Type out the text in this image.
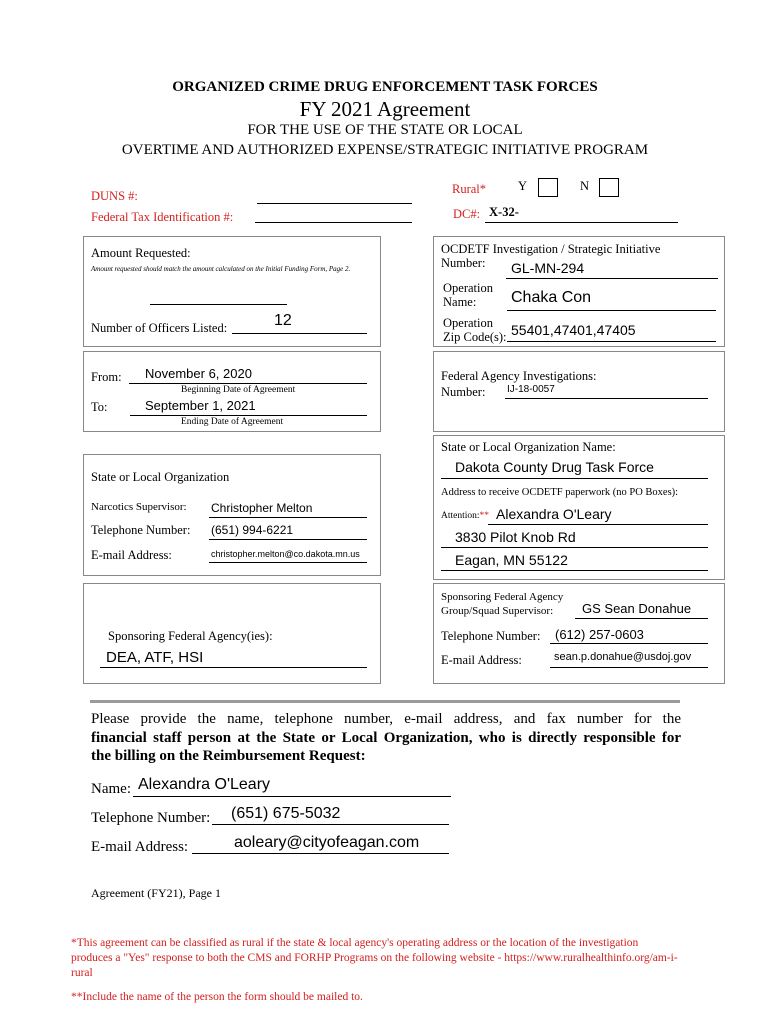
ORGANIZED CRIME DRUG ENFORCEMENT TASK FORCES
FY 2021 Agreement
FOR THE USE OF THE STATE OR LOCAL
OVERTIME AND AUTHORIZED EXPENSE/STRATEGIC INITIATIVE PROGRAM
DUNS #:
Federal Tax Identification #:
Rural*	Y	N
DC#: X-32-
Amount Requested:
Amount requested should match the amount calculated on the Initial Funding Form, Page 2.
Number of Officers Listed:	12
OCDETF Investigation / Strategic Initiative
Number: GL-MN-294
Operation
Name: Chaka Con
Operation
Zip Code(s): 55401,47401,47405
From: November 6, 2020
Beginning Date of Agreement
To:	September 1, 2021
Ending Date of Agreement
Federal Agency Investigations:
Number: IJ-18-0057
State or Local Organization Name:
Dakota County Drug Task Force
Address to receive OCDETF paperwork (no PO Boxes):
Attention:** Alexandra O'Leary
3830 Pilot Knob Rd
Eagan, MN 55122
State or Local Organization
Narcotics Supervisor: Christopher Melton
Telephone Number: (651) 994-6221
E-mail Address:	christopher.melton@co.dakota.mn.us
Sponsoring Federal Agency(ies):
DEA, ATF, HSI
Sponsoring Federal Agency
Group/Squad Supervisor: GS Sean Donahue
Telephone Number: (612) 257-0603
E-mail Address:	sean.p.donahue@usdoj.gov
Please provide the name, telephone number, e-mail address, and fax number for the
financial staff person at the State or Local Organization, who is directly responsible for
the billing on the Reimbursement Request:
Name: Alexandra O'Leary
Telephone Number: (651) 675-5032
E-mail Address:	aoleary@cityofeagan.com
Agreement (FY21), Page 1
*This agreement can be classified as rural if the state & local agency's operating address or the location of the investigation
produces a "Yes" response to both the CMS and FORHP Programs on the following website - https://www.ruralhealthinfo.org/am-i-
rural
**Include the name of the person the form should be mailed to.
